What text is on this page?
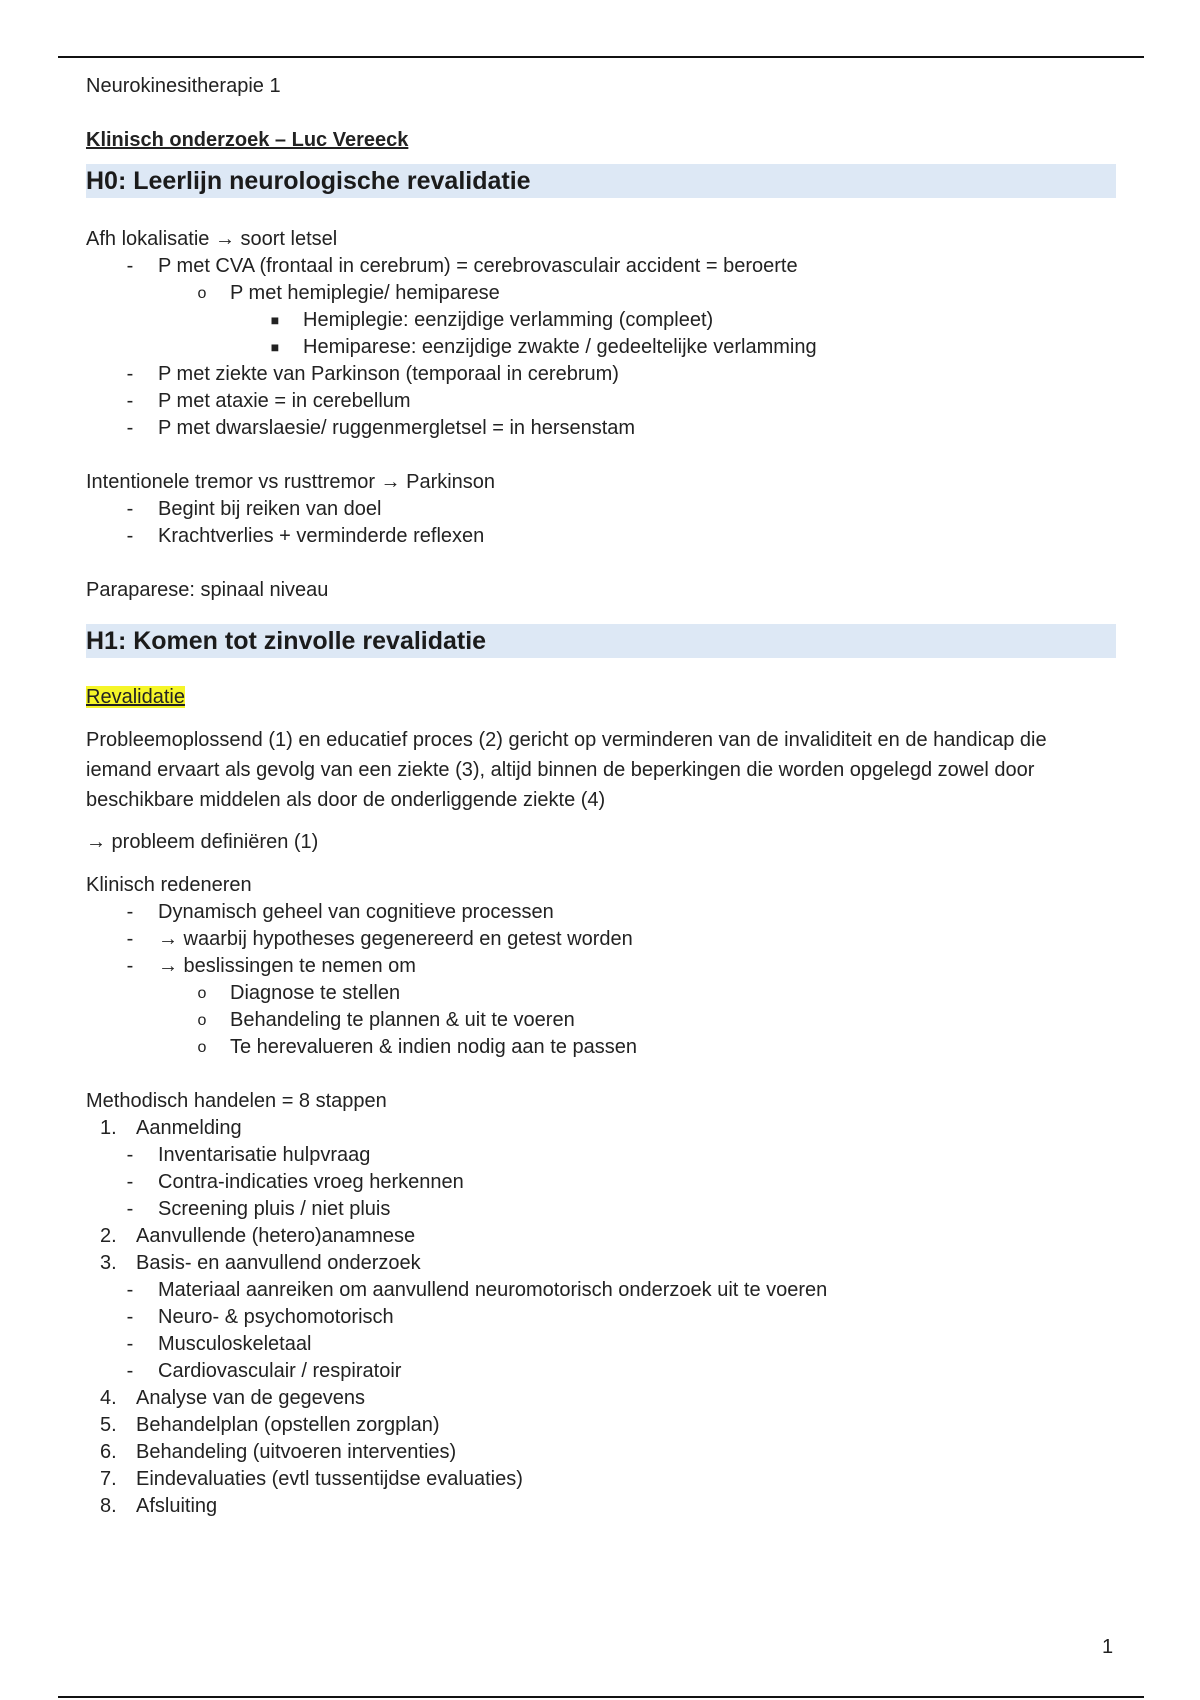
Neurokinesitherapie 1
Klinisch onderzoek – Luc Vereeck
H0: Leerlijn neurologische revalidatie
Afh lokalisatie → soort letsel
- P met CVA (frontaal in cerebrum) = cerebrovasculair accident = beroerte
o P met hemiplegie/ hemiparese
■ Hemiplegie: eenzijdige verlamming (compleet)
■ Hemiparese: eenzijdige zwakte / gedeeltelijke verlamming
- P met ziekte van Parkinson (temporaal in cerebrum)
- P met ataxie = in cerebellum
- P met dwarslaesie/ ruggenmergletsel = in hersenstam
Intentionele tremor vs rusttremor → Parkinson
- Begint bij reiken van doel
- Krachtverlies + verminderde reflexen
Paraparese: spinaal niveau
H1: Komen tot zinvolle revalidatie
Revalidatie
Probleemoplossend (1) en educatief proces (2) gericht op verminderen van de invaliditeit en de handicap die
iemand ervaart als gevolg van een ziekte (3), altijd binnen de beperkingen die worden opgelegd zowel door
beschikbare middelen als door de onderliggende ziekte (4)
→ probleem definiëren (1)
Klinisch redeneren
- Dynamisch geheel van cognitieve processen
- → waarbij hypotheses gegenereerd en getest worden
- → beslissingen te nemen om
o Diagnose te stellen
o Behandeling te plannen & uit te voeren
o Te herevalueren & indien nodig aan te passen
Methodisch handelen = 8 stappen
1. Aanmelding
- Inventarisatie hulpvraag
- Contra-indicaties vroeg herkennen
- Screening pluis / niet pluis
2. Aanvullende (hetero)anamnese
3. Basis- en aanvullend onderzoek
- Materiaal aanreiken om aanvullend neuromotorisch onderzoek uit te voeren
- Neuro- & psychomotorisch
- Musculoskeletaal
- Cardiovasculair / respiratoir
4. Analyse van de gegevens
5. Behandelplan (opstellen zorgplan)
6. Behandeling (uitvoeren interventies)
7. Eindevaluaties (evtl tussentijdse evaluaties)
8. Afsluiting
1
